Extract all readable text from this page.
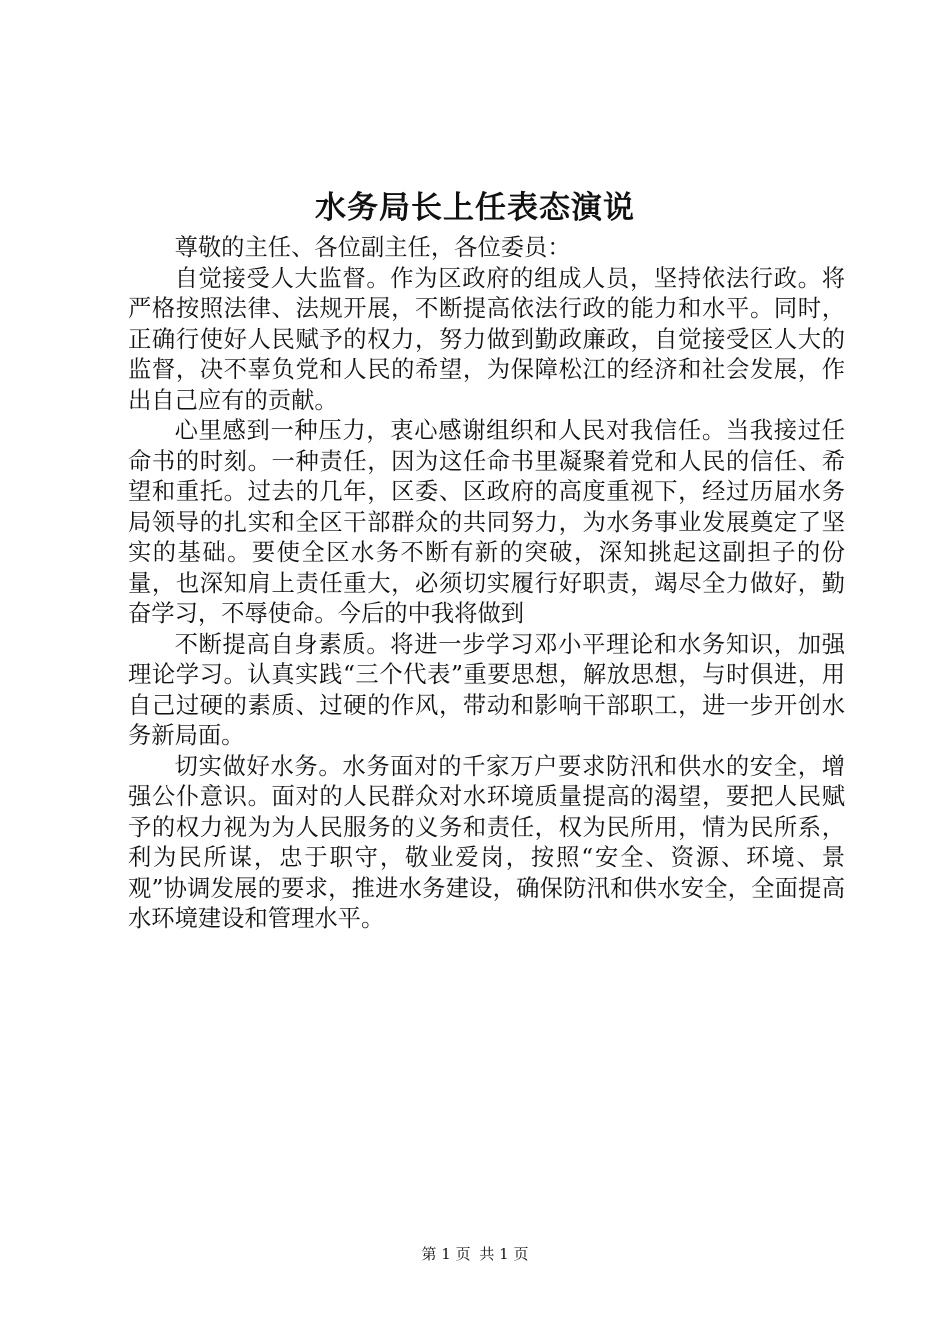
水务局长上任表态演说

尊敬的主任、各位副主任，各位委员：

自觉接受人大监督。作为区政府的组成人员，坚持依法行政。将严格按照法律、法规开展，不断提高依法行政的能力和水平。同时，正确行使好人民赋予的权力，努力做到勤政廉政，自觉接受区人大的监督，决不辜负党和人民的希望，为保障松江的经济和社会发展，作出自己应有的贡献。

心里感到一种压力，衷心感谢组织和人民对我信任。当我接过任命书的时刻。一种责任，因为这任命书里凝聚着党和人民的信任、希望和重托。过去的几年，区委、区政府的高度重视下，经过历届水务局领导的扎实和全区干部群众的共同努力，为水务事业发展奠定了坚实的基础。要使全区水务不断有新的突破，深知挑起这副担子的份量，也深知肩上责任重大，必须切实履行好职责，竭尽全力做好，勤奋学习，不辱使命。今后的中我将做到

不断提高自身素质。将进一步学习邓小平理论和水务知识，加强理论学习。认真实践“三个代表”重要思想，解放思想，与时俱进，用自己过硬的素质、过硬的作风，带动和影响干部职工，进一步开创水务新局面。

切实做好水务。水务面对的千家万户要求防汛和供水的安全，增强公仆意识。面对的人民群众对水环境质量提高的渴望，要把人民赋予的权力视为为人民服务的义务和责任，权为民所用，情为民所系，利为民所谋，忠于职守，敬业爱岗，按照“安全、资源、环境、景观”协调发展的要求，推进水务建设，确保防汛和供水安全，全面提高水环境建设和管理水平。

第 1 页 共 1 页
